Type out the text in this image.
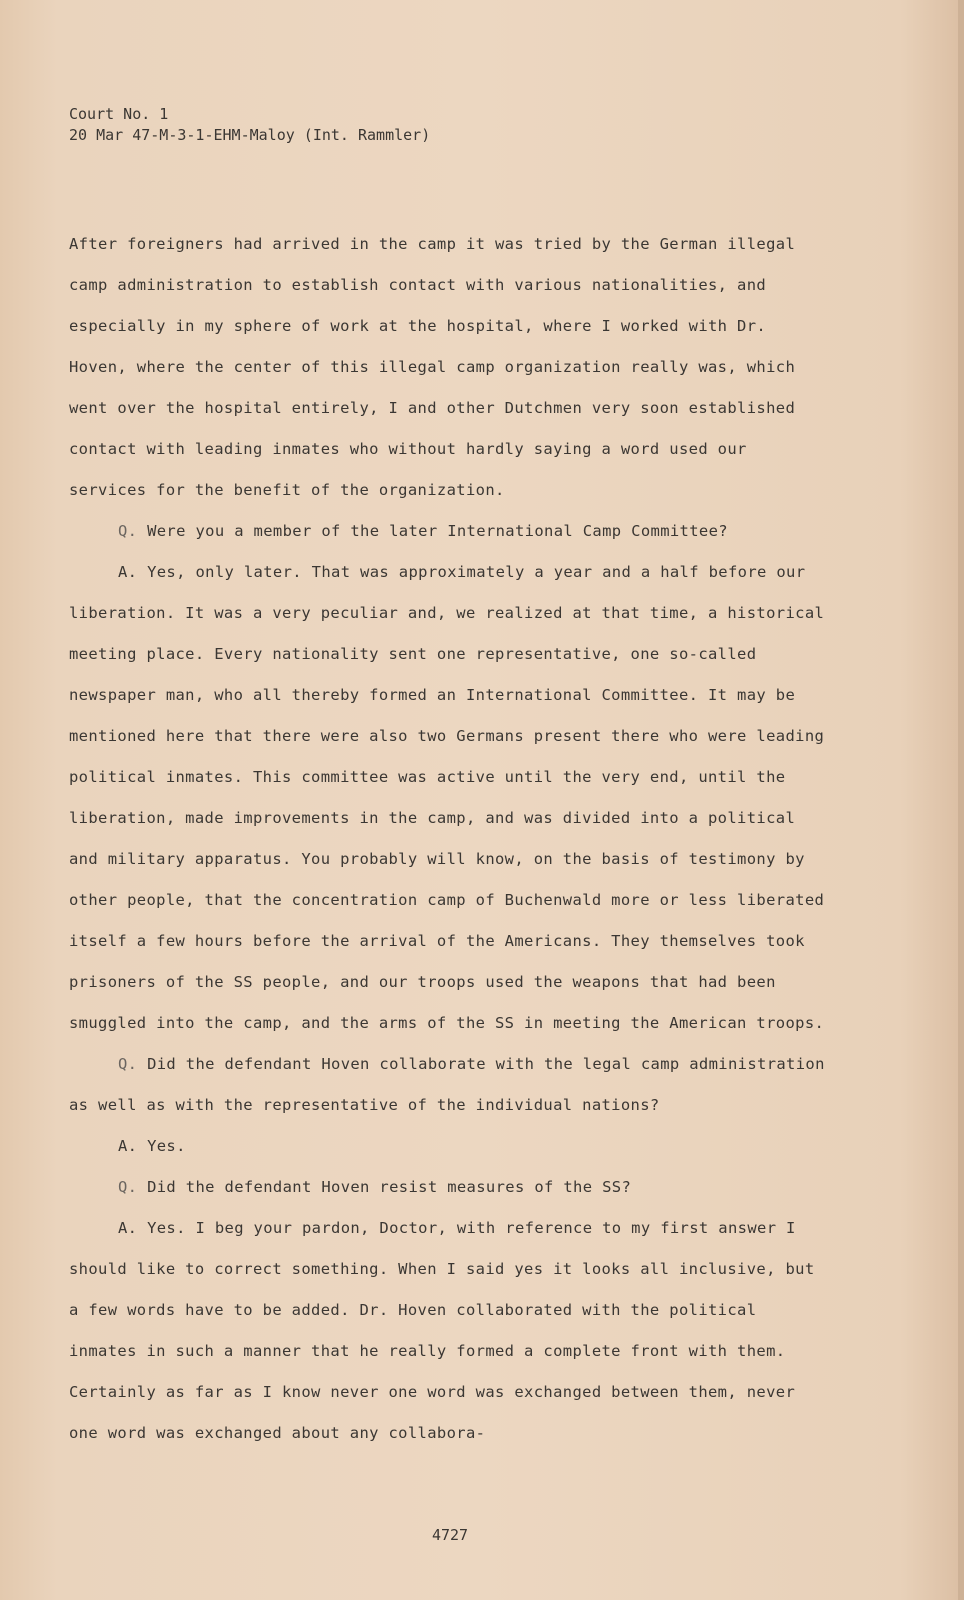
Court No. 1
20 Mar 47-M-3-1-EHM-Maloy (Int. Rammler)

After foreigners had arrived in the camp it was tried by the German illegal camp administration to establish contact with various nationalities, and especially in my sphere of work at the hospital, where I worked with Dr. Hoven, where the center of this illegal camp organization really was, which went over the hospital entirely, I and other Dutchmen very soon established contact with leading inmates who without hardly saying a word used our services for the benefit of the organization.

Q. Were you a member of the later International Camp Committee?

A. Yes, only later. That was approximately a year and a half before our liberation. It was a very peculiar and, we realized at that time, a historical meeting place. Every nationality sent one representative, one so-called newspaper man, who all thereby formed an International Committee. It may be mentioned here that there were also two Germans present there who were leading political inmates. This committee was active until the very end, until the liberation, made improvements in the camp, and was divided into a political and military apparatus. You probably will know, on the basis of testimony by other people, that the concentration camp of Buchenwald more or less liberated itself a few hours before the arrival of the Americans. They themselves took prisoners of the SS people, and our troops used the weapons that had been smuggled into the camp, and the arms of the SS in meeting the American troops.

Q. Did the defendant Hoven collaborate with the legal camp administration as well as with the representative of the individual nations?

A. Yes.

Q. Did the defendant Hoven resist measures of the SS?

A. Yes. I beg your pardon, Doctor, with reference to my first answer I should like to correct something. When I said yes it looks all inclusive, but a few words have to be added. Dr. Hoven collaborated with the political inmates in such a manner that he really formed a complete front with them. Certainly as far as I know never one word was exchanged between them, never one word was exchanged about any collabora-

4727
